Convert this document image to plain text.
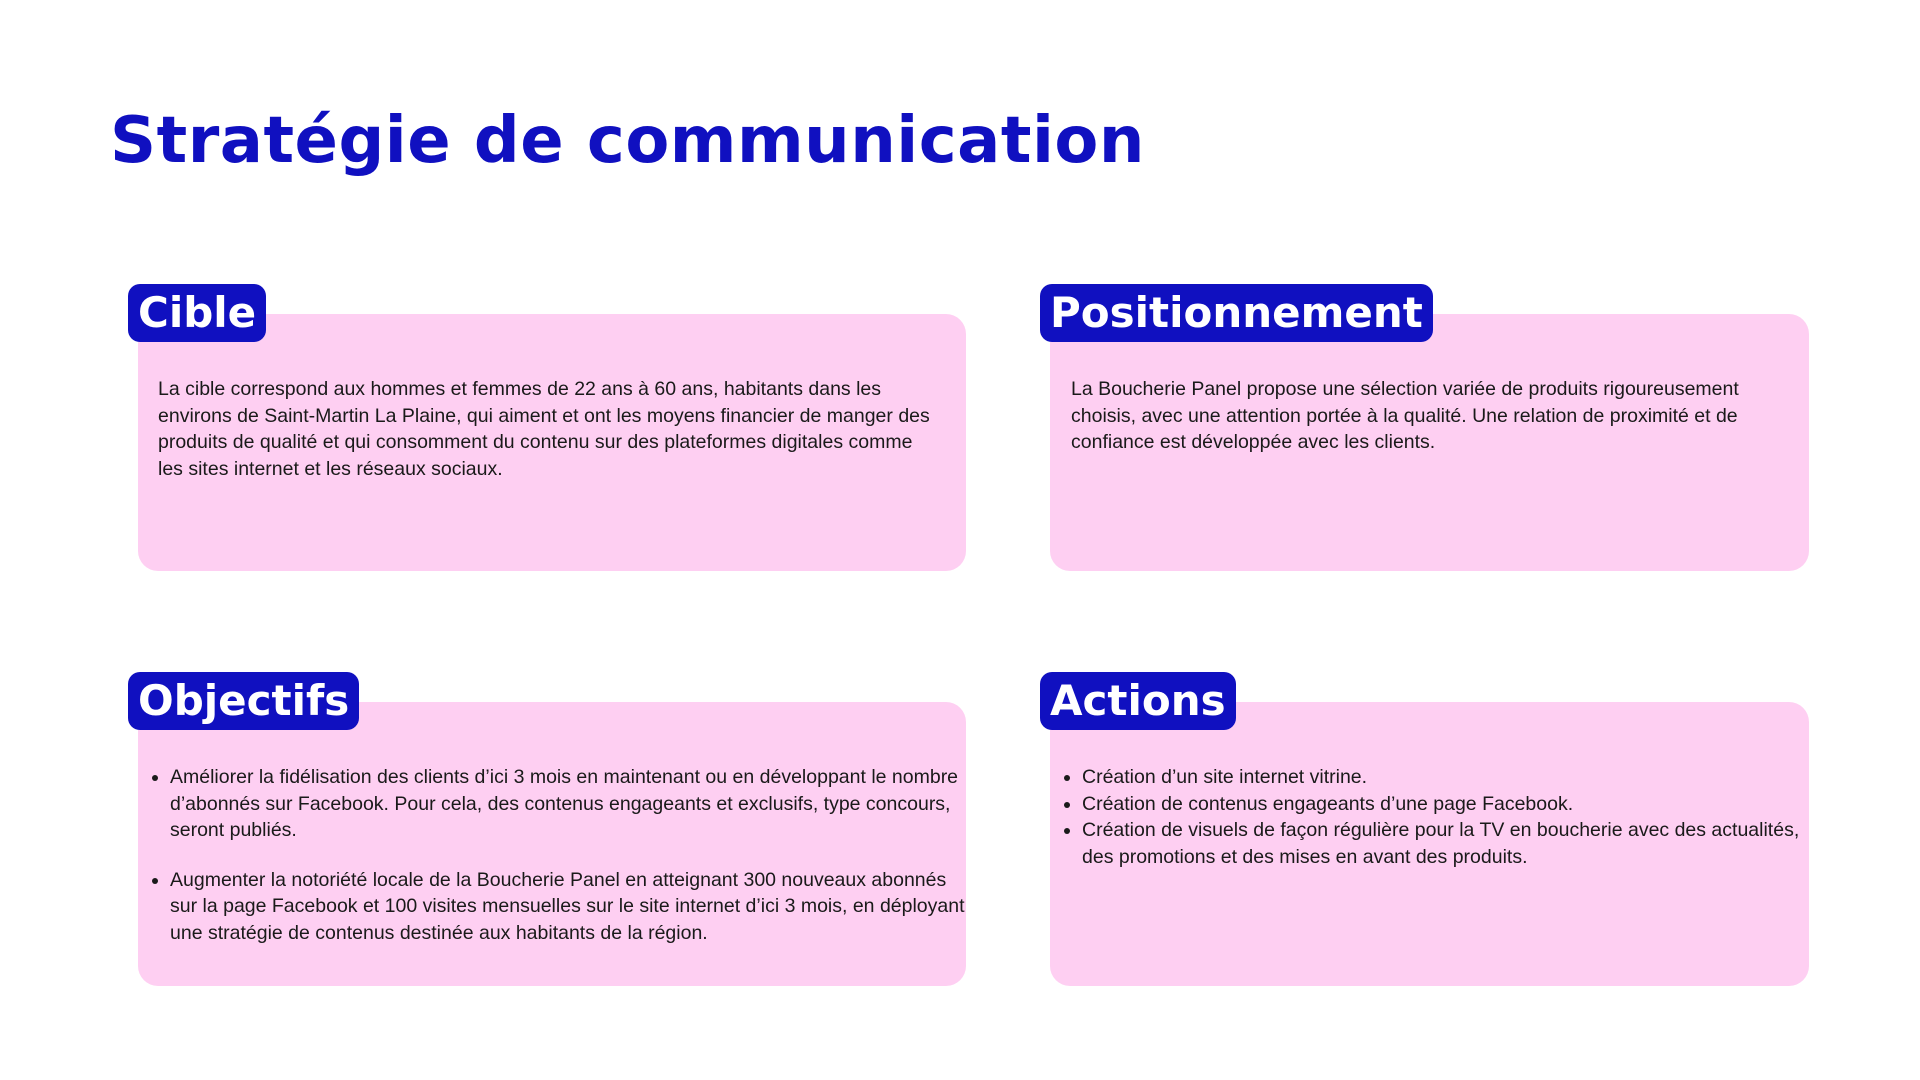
Stratégie de communication
Cible

La cible correspond aux hommes et femmes de 22 ans à 60 ans, habitants dans les environs de Saint-Martin La Plaine, qui aiment et ont les moyens financier de manger des produits de qualité et qui consomment du contenu sur des plateformes digitales comme les sites internet et les réseaux sociaux.

Positionnement

La Boucherie Panel propose une sélection variée de produits rigoureusement choisis, avec une attention portée à la qualité. Une relation de proximité et de confiance est développée avec les clients.

Objectifs
• Améliorer la fidélisation des clients d’ici 3 mois en maintenant ou en développant le nombre d’abonnés sur Facebook. Pour cela, des contenus engageants et exclusifs, type concours, seront publiés.
• Augmenter la notoriété locale de la Boucherie Panel en atteignant 300 nouveaux abonnés sur la page Facebook et 100 visites mensuelles sur le site internet d’ici 3 mois, en déployant une stratégie de contenus destinée aux habitants de la région.
Actions
• Création d’un site internet vitrine.
• Création de contenus engageants d’une page Facebook.
• Création de visuels de façon régulière pour la TV en boucherie avec des actualités, des promotions et des mises en avant des produits.
